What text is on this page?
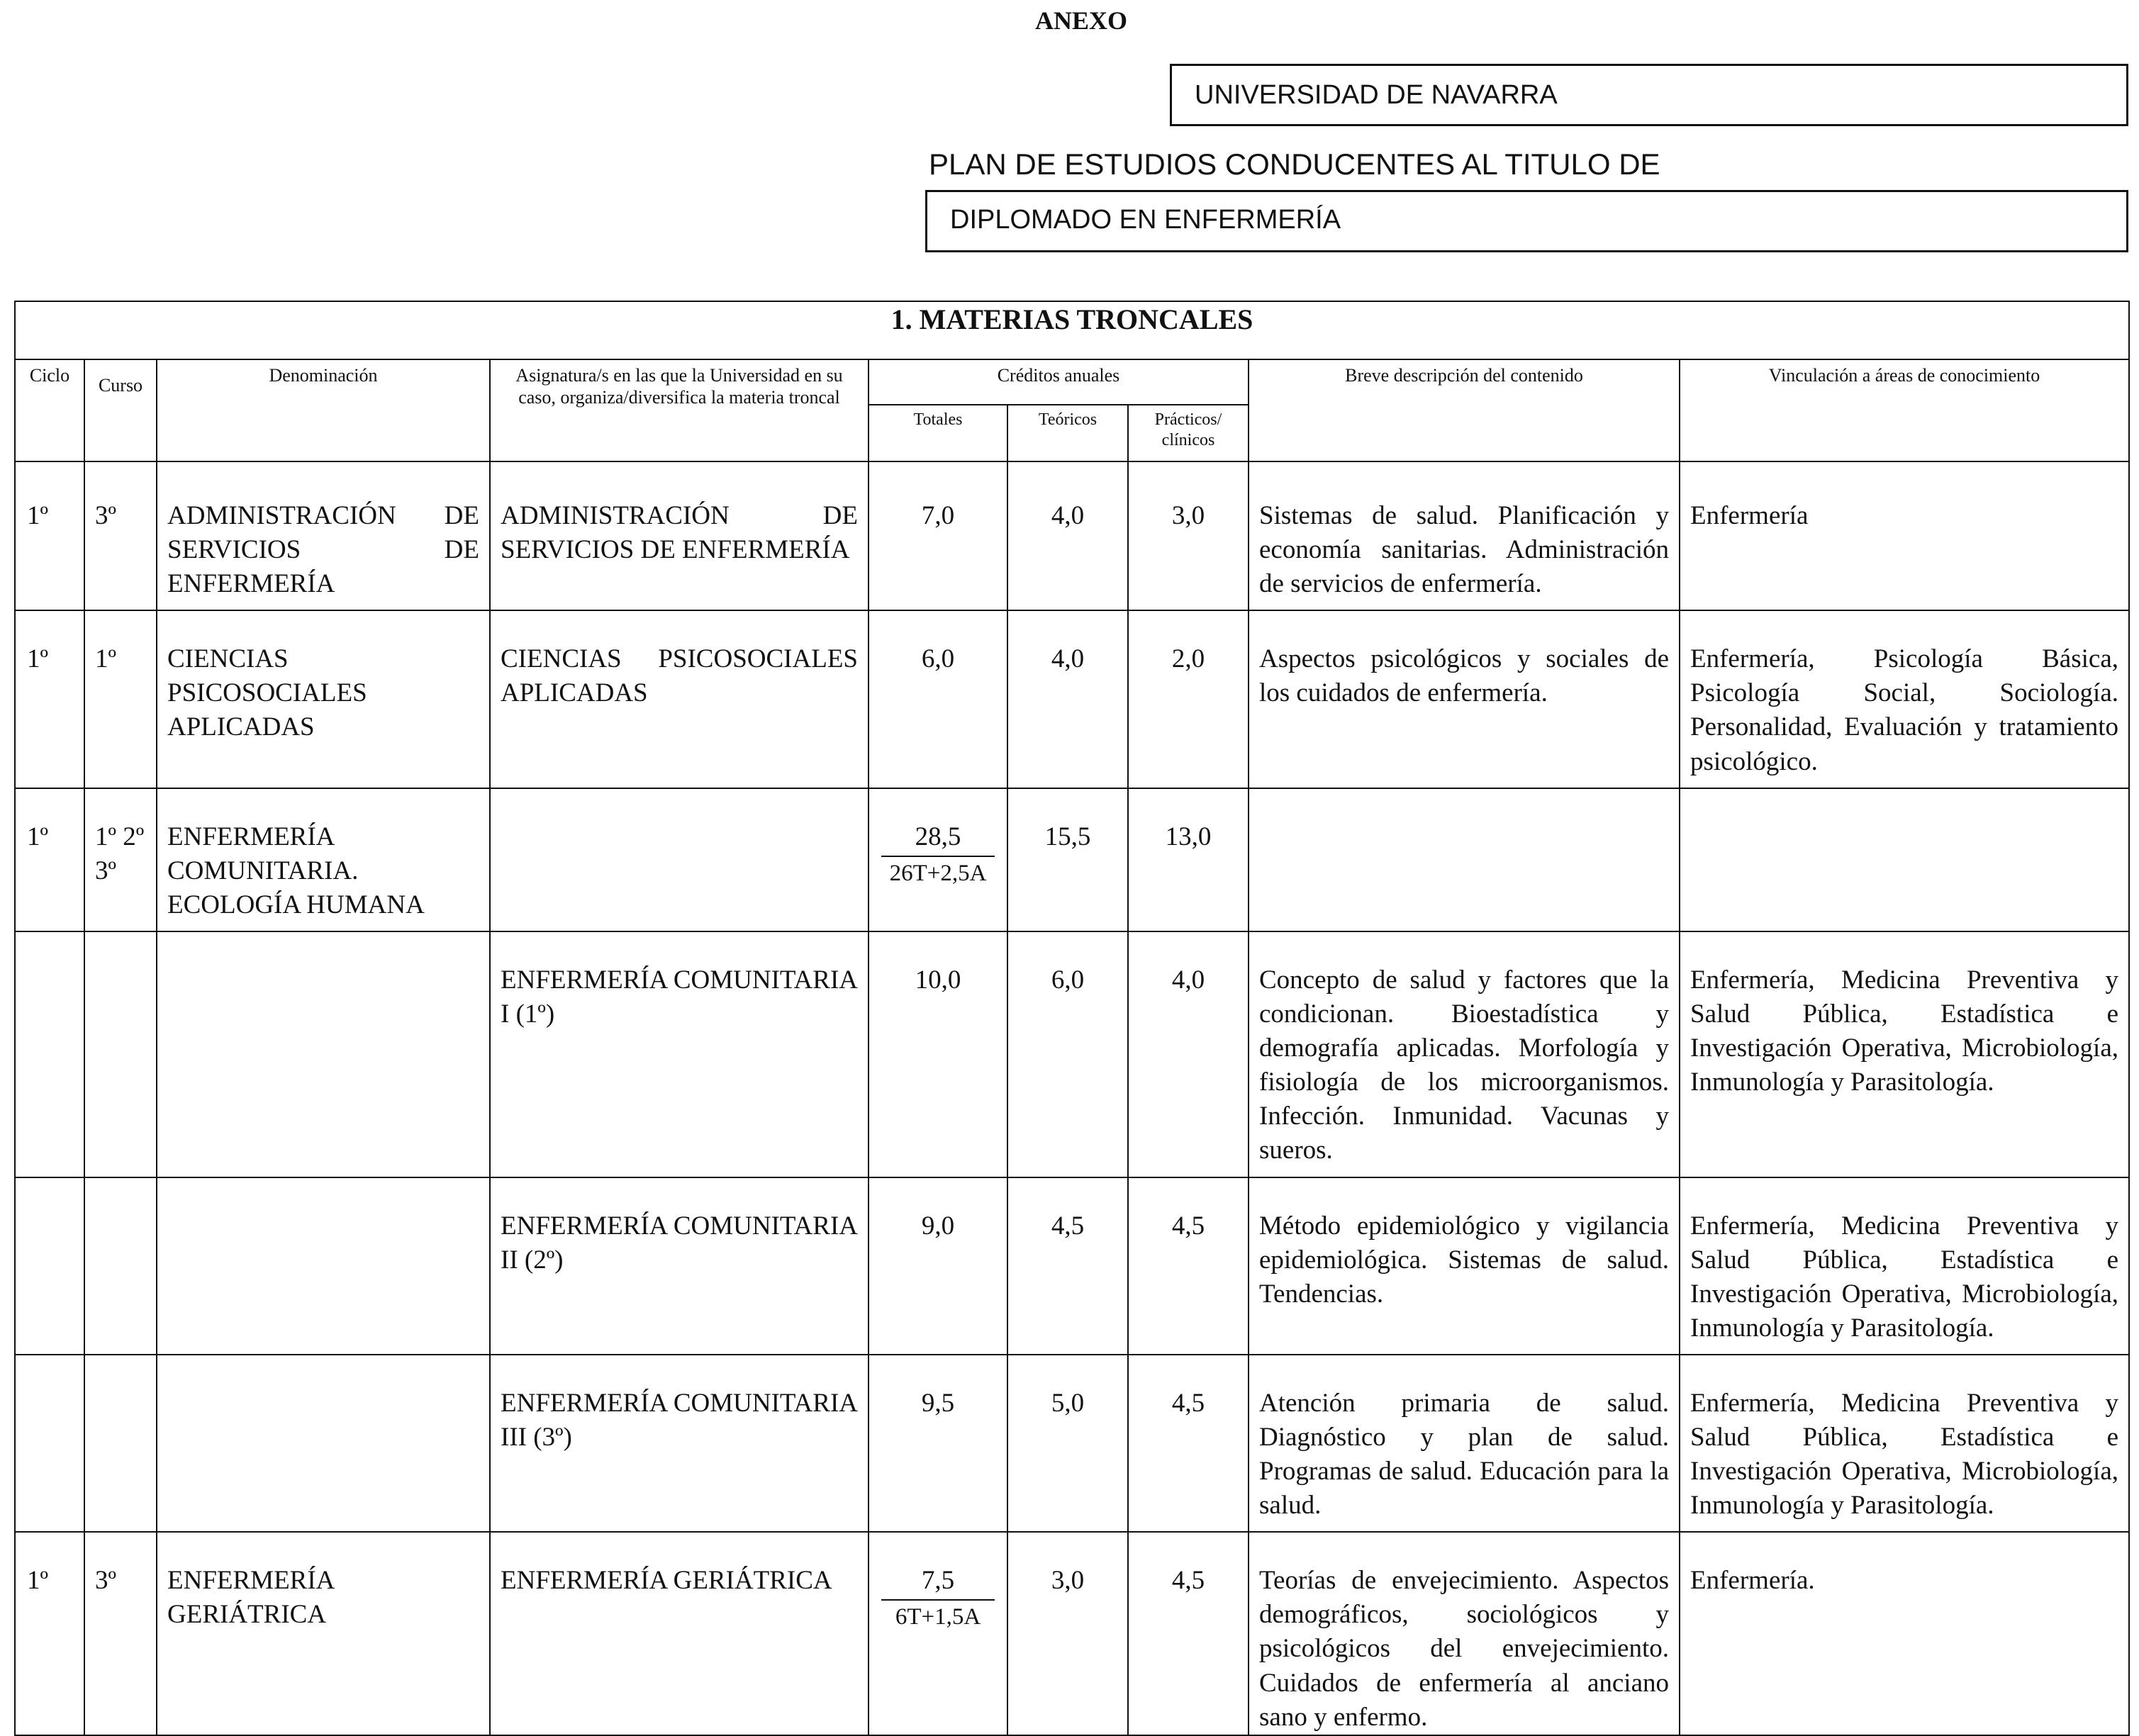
ANEXO
UNIVERSIDAD DE NAVARRA
PLAN DE ESTUDIOS CONDUCENTES AL TITULO DE
DIPLOMADO EN ENFERMERÍA
1. MATERIAS TRONCALES								
Ciclo	Curso	Denominación	Asignatura/s en las que la Universidad en su caso, organiza/diversifica la materia troncal	Créditos anuales			Breve descripción del contenido	Vinculación a áreas de conocimiento
				Totales	Teóricos	Prácticos/ clínicos		
1º	3º	ADMINISTRACIÓN DE SERVICIOS DE ENFERMERÍA	ADMINISTRACIÓN DE SERVICIOS DE ENFERMERÍA	7,0	4,0	3,0	Sistemas de salud. Planificación y economía sanitarias. Administración de servicios de enfermería.	Enfermería
1º	1º	CIENCIAS PSICOSOCIALES APLICADAS	CIENCIAS PSICOSOCIALES APLICADAS	6,0	4,0	2,0	Aspectos psicológicos y sociales de los cuidados de enfermería.	Enfermería, Psicología Básica, Psicología Social, Sociología. Personalidad, Evaluación y tratamiento psicológico.
1º	1º 2º 3º	ENFERMERÍA COMUNITARIA. ECOLOGÍA HUMANA		$\frac{28,5}{26T+2,5A}$	15,5	13,0		
			ENFERMERÍA COMUNITARIA I (1º)	10,0	6,0	4,0	Concepto de salud y factores que la condicionan. Bioestadística y demografía aplicadas. Morfología y fisiología de los microorganismos. Infección. Inmunidad. Vacunas y sueros.	Enfermería, Medicina Preventiva y Salud Pública, Estadística e Investigación Operativa, Microbiología, Inmunología y Parasitología.
			ENFERMERÍA COMUNITARIA II (2º)	9,0	4,5	4,5	Método epidemiológico y vigilancia epidemiológica. Sistemas de salud. Tendencias.	Enfermería, Medicina Preventiva y Salud Pública, Estadística e Investigación Operativa, Microbiología, Inmunología y Parasitología.
			ENFERMERÍA COMUNITARIA III (3º)	9,5	5,0	4,5	Atención primaria de salud. Diagnóstico y plan de salud. Programas de salud. Educación para la salud.	Enfermería, Medicina Preventiva y Salud Pública, Estadística e Investigación Operativa, Microbiología, Inmunología y Parasitología.
1º	3º	ENFERMERÍA GERIÁTRICA	ENFERMERÍA GERIÁTRICA	$\frac{7,5}{6T+1,5A}$	3,0	4,5	Teorías de envejecimiento. Aspectos demográficos, sociológicos y psicológicos del envejecimiento. Cuidados de enfermería al anciano sano y enfermo.	Enfermería.
